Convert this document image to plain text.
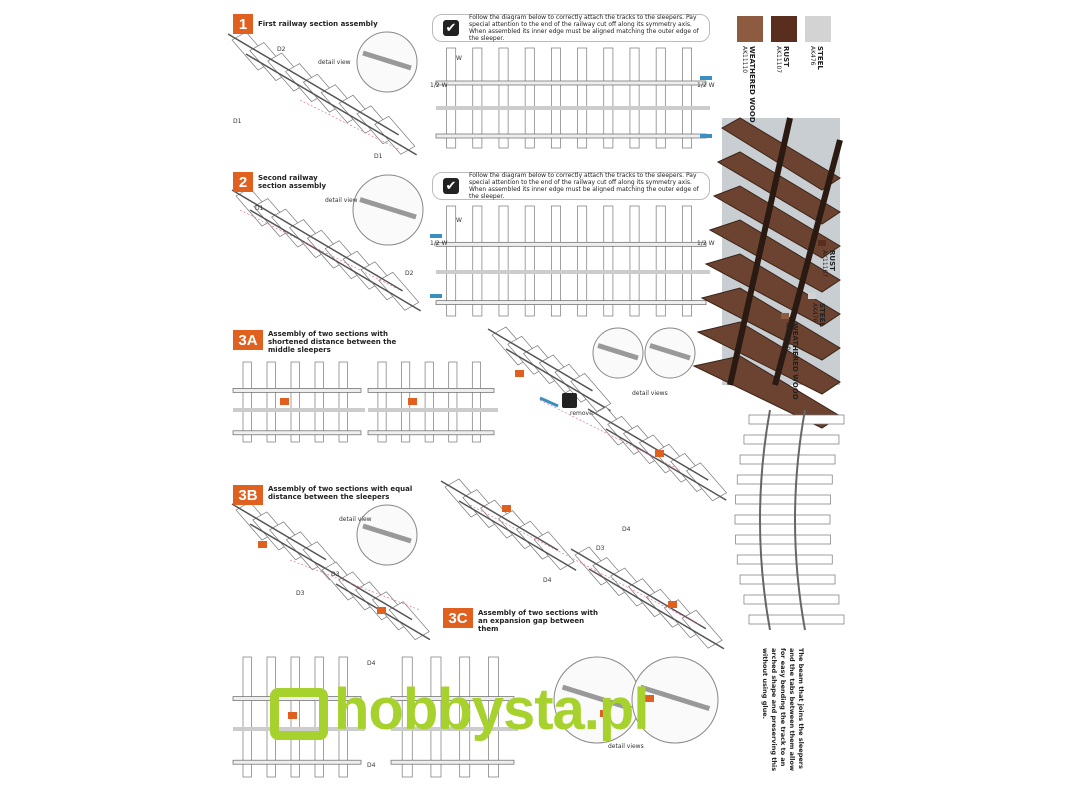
1	First railway section assembly
2	Second railway section assembly
3A	Assembly of two sections with shortened distance between the middle sleepers
3B	Assembly of two sections with equal distance between the sleepers
3C	Assembly of two sections with an expansion gap between them
✔
Follow the diagram below to correctly attach the tracks to the sleepers. Pay special attention to the end of the railway cut off along its symmetry axis. When assembled its inner edge must be aligned matching the outer edge of the sleeper.
✔
Follow the diagram below to correctly attach the tracks to the sleepers. Pay special attention to the end of the railway cut off along its symmetry axis. When assembled its inner edge must be aligned matching the outer edge of the sleeper.
D2
detail view
D1
D1
W
1/2 W	1/2 W
D1
detail view
D2
W
1/2 W	1/2 W
remove
detail views
detail view
D3
D3
D4
D3
D4
D4
D4
detail views
WEATHERED WOOD
AK11110	RUST
AK11107	STEEL
AK476
RUST
AK11107
STEEL
AK476
WEATHERED WOOD
AK11110
The beam that joins the sleepers and the tabs between them allow for easy bending the track to an arched shape and preserving this without using glue.
hobbysta.pl
